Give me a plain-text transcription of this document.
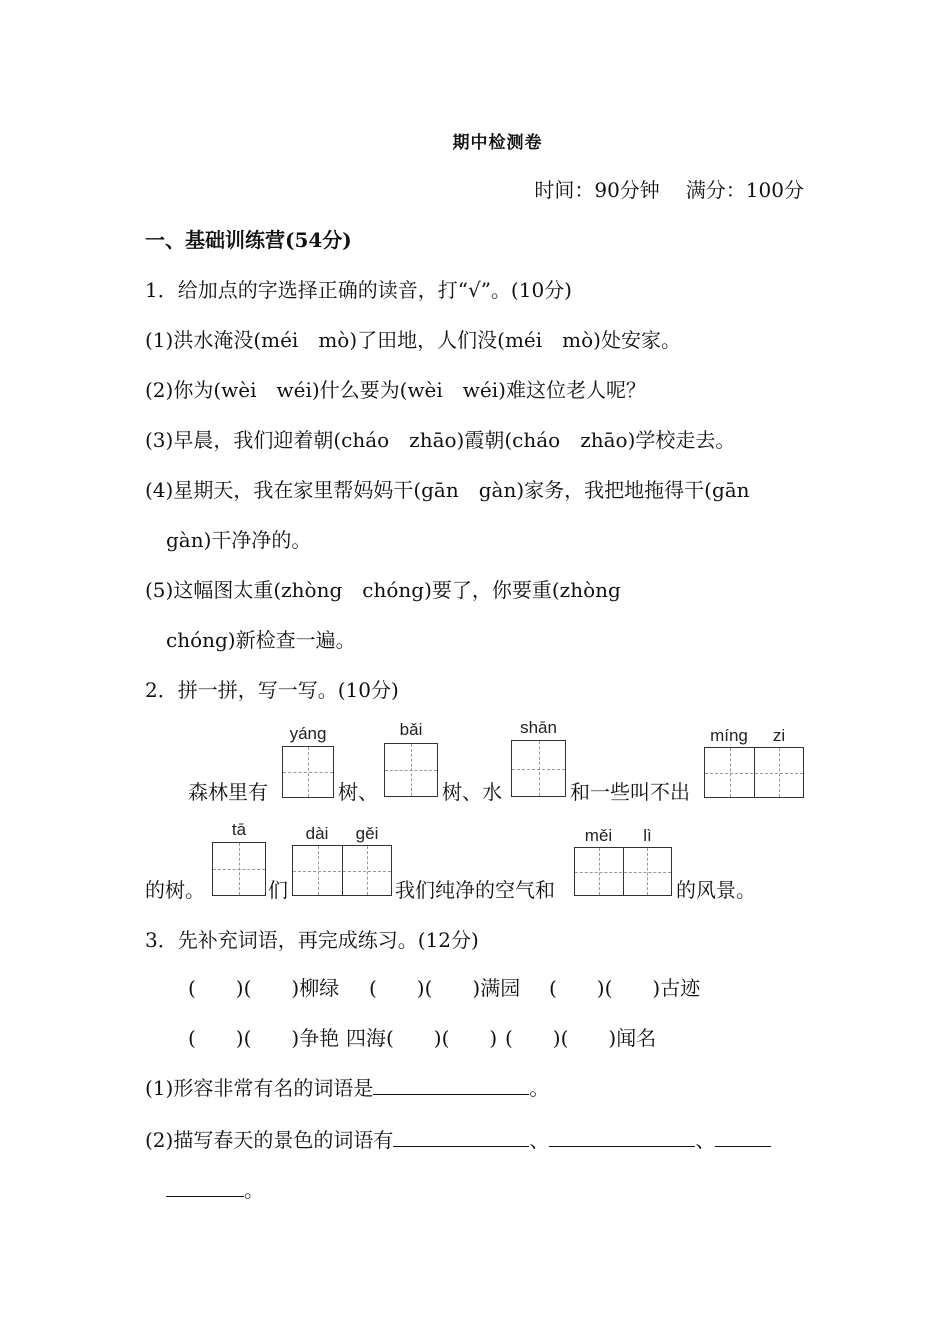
期中检测卷
时间：90分钟 满分：100分
一、基础训练营(54分)
1．给加点的字选择正确的读音，打“√”。(10分)
(1)洪水淹没(méi　mò)了田地，人们没(méi　mò)处安家。
(2)你为(wèi　wéi)什么要为(wèi　wéi)难这位老人呢？
(3)早晨，我们迎着朝(cháo　zhāo)霞朝(cháo　zhāo)学校走去。
(4)星期天，我在家里帮妈妈干(gān　gàn)家务，我把地拖得干(gān
gàn)干净净的。
(5)这幅图太重(zhòng　chóng)要了，你要重(zhòng
chóng)新检查一遍。
2．拼一拼，写一写。(10分)
森林里有
yáng
树、
bǎi
树、水
shān
和一些叫不出
míng	zi
的树。
tā
们
dài	gěi
我们纯净的空气和
měi	lì
的风景。
3．先补充词语，再完成练习。(12分)
(　　)(　　)柳绿 (　　)(　　)满园 (　　)(　　)古迹
(　　)(　　)争艳 四海(　　)(　　) (　　)(　　)闻名
(1)形容非常有名的词语是	。
(2)描写春天的景色的词语有	、	、
。
